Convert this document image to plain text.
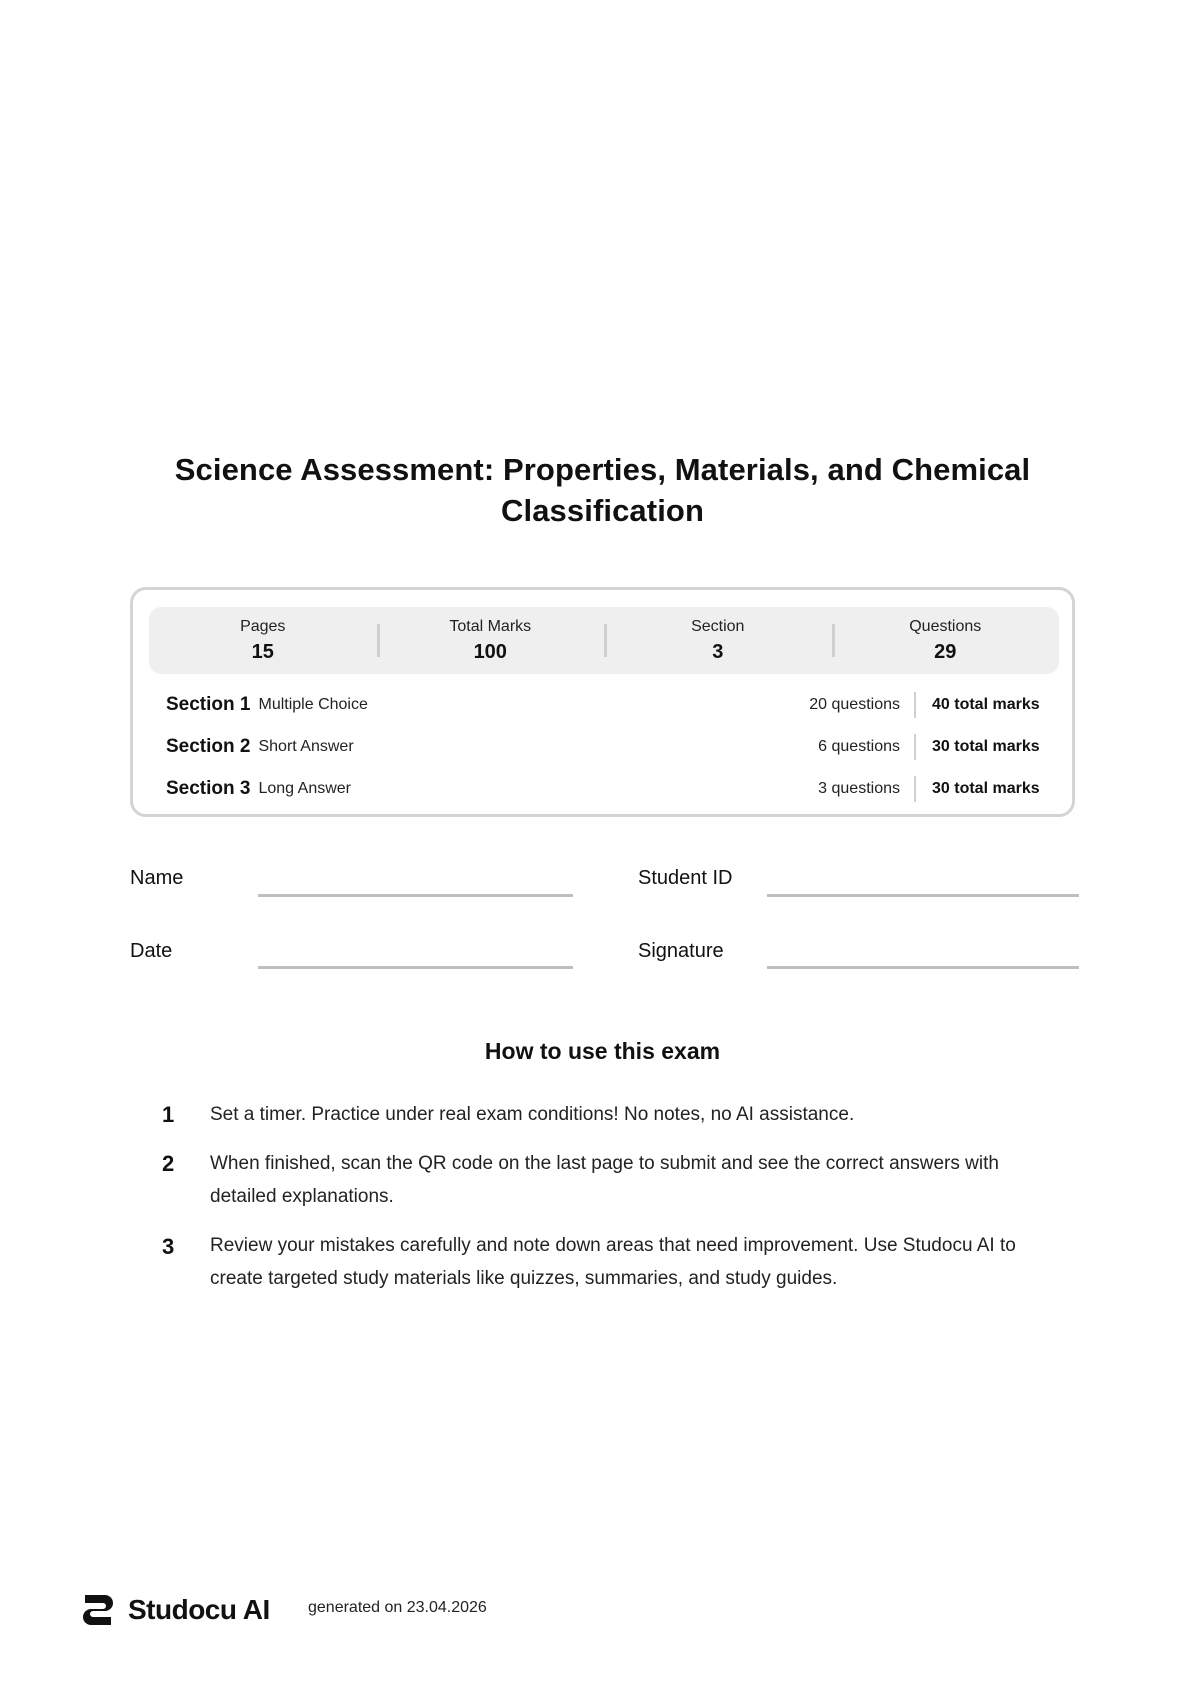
Science Assessment: Properties, Materials, and Chemical Classification
Pages
15
Total Marks
100
Section
3
Questions
29
Section 1 Multiple Choice	20 questions	40 total marks
Section 2 Short Answer	6 questions	30 total marks
Section 3 Long Answer	3 questions	30 total marks
Name	Student ID
Date	Signature
How to use this exam
1 Set a timer. Practice under real exam conditions! No notes, no AI assistance.
2 When finished, scan the QR code on the last page to submit and see the correct answers with detailed explanations.
3 Review your mistakes carefully and note down areas that need improvement. Use Studocu AI to create targeted study materials like quizzes, summaries, and study guides.
Studocu AI generated on 23.04.2026
